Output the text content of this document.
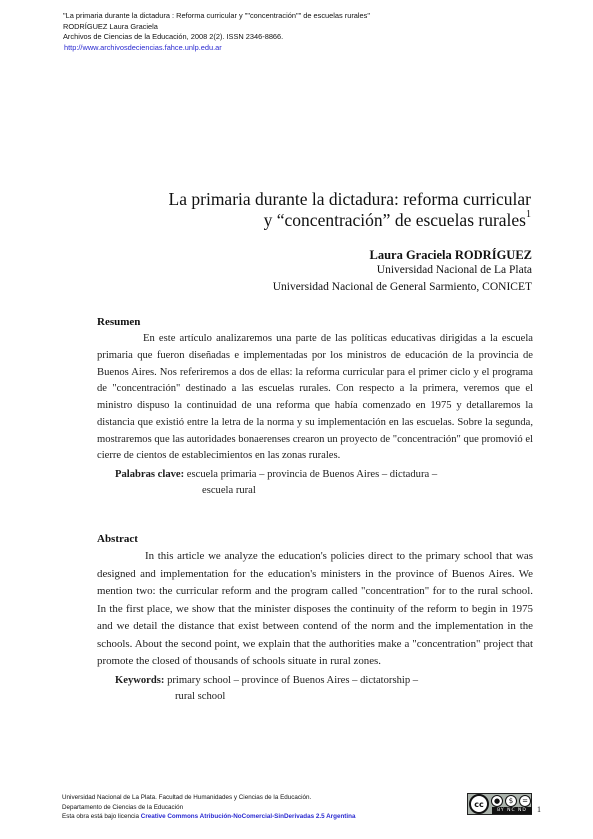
"La primaria durante la dictadura : Reforma curricular y ""concentración"" de escuelas rurales"
RODRÍGUEZ Laura Graciela
Archivos de Ciencias de la Educación, 2008 2(2). ISSN 2346-8866.
http://www.archivosdeciencias.fahce.unlp.edu.ar
La primaria durante la dictadura: reforma curricular
y “concentración” de escuelas rurales$^1$
Laura Graciela RODRÍGUEZ
Universidad Nacional de La Plata
Universidad Nacional de General Sarmiento, CONICET
Resumen

En este artículo analizaremos una parte de las políticas educativas dirigidas a la escuela primaria que fueron diseñadas e implementadas por los ministros de educación de la provincia de Buenos Aires. Nos referiremos a dos de ellas: la reforma curricular para el primer ciclo y el programa de "concentración" destinado a las escuelas rurales. Con respecto a la primera, veremos que el ministro dispuso la continuidad de una reforma que había comenzado en 1975 y detallaremos la distancia que existió entre la letra de la norma y su implementación en las escuelas. Sobre la segunda, mostraremos que las autoridades bonaerenses crearon un proyecto de "concentración" que promovió el cierre de cientos de establecimientos en las zonas rurales.

Palabras clave: escuela primaria – provincia de Buenos Aires – dictadura –
escuela rural
Abstract

In this article we analyze the education's policies direct to the primary school that was designed and implementation for the education's ministers in the province of Buenos Aires. We mention two: the curricular reform and the program called "concentration" for to the rural school. In the first place, we show that the minister disposes the continuity of the reform to begin in 1975 and we detail the distance that exist between contend of the norm and the implementation in the schools. About the second point, we explain that the authorities make a "concentration" project that promote the closed of thousands of schools situate in rural zones.

Keywords: primary school – province of Buenos Aires – dictatorship –
rural school
Universidad Nacional de La Plata. Facultad de Humanidades y Ciencias de la Educación.
Departamento de Ciencias de la Educación
Esta obra está bajo licencia Creative Commons Atribución-NoComercial-SinDerivadas 2.5 Argentina
cc	●	$	=
BY NC ND	1
